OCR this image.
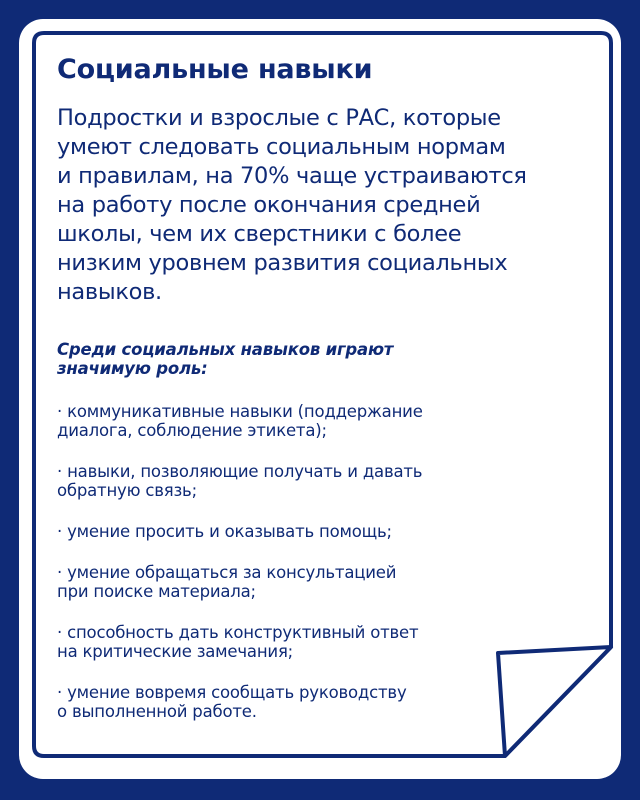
Социальные навыки

Подростки и взрослые с РАС, которые
умеют следовать социальным нормам
и правилам, на 70% чаще устраиваются
на работу после окончания средней
школы, чем их сверстники с более
низким уровнем развития социальных
навыков.

Среди социальных навыков играют
значимую роль:

· коммуникативные навыки (поддержание
диалога, соблюдение этикета);
· навыки, позволяющие получать и давать
обратную связь;
· умение просить и оказывать помощь;
· умение обращаться за консультацией
при поиске материала;
· способность дать конструктивный ответ
на критические замечания;
· умение вовремя сообщать руководству
о выполненной работе.
